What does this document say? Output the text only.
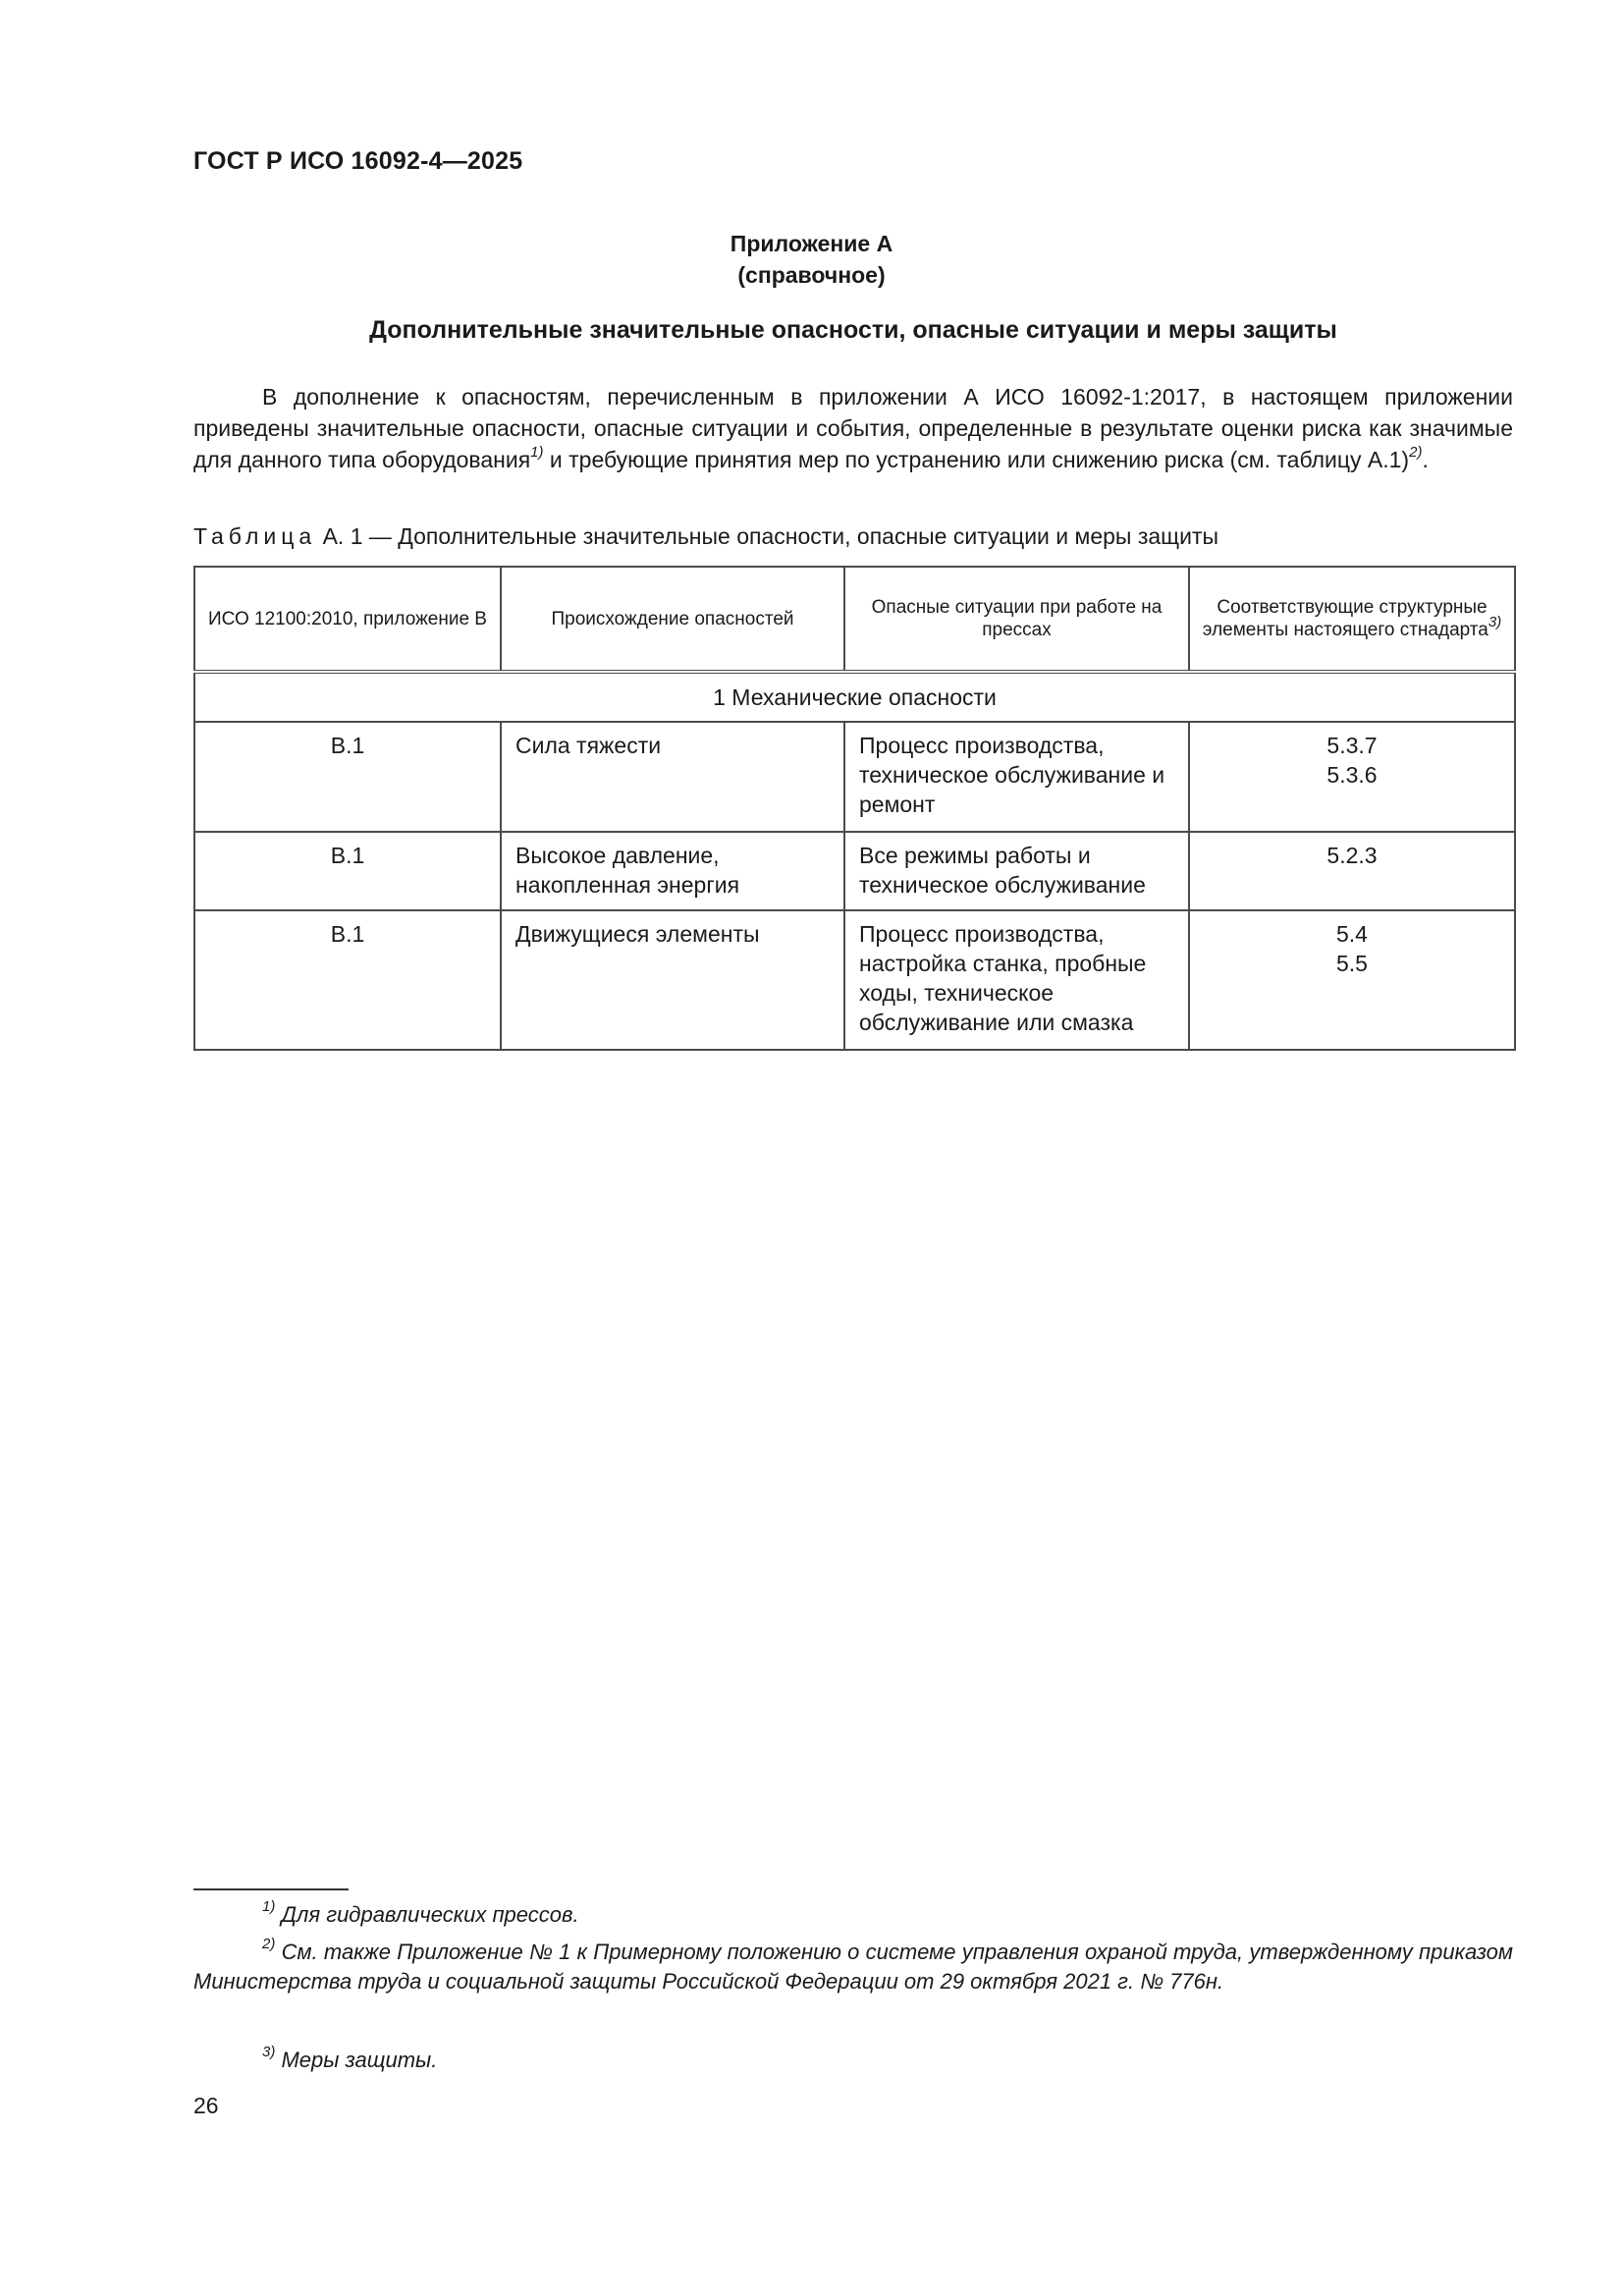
ГОСТ Р ИСО 16092-4—2025
Приложение А
(справочное)
Дополнительные значительные опасности, опасные ситуации и меры защиты

В дополнение к опасностям, перечисленным в приложении А ИСО 16092-1:2017, в настоящем приложении приведены значительные опасности, опасные ситуации и события, определенные в результате оценки риска как значимые для данного типа оборудования$^{1)}$ и требующие принятия мер по устранению или снижению риска (см. таблицу А.1)$^{2)}$.

Таблица А. 1 — Дополнительные значительные опасности, опасные ситуации и меры защиты
ИСО 12100:2010, приложение В	Происхождение опасностей	Опасные ситуации при работе на прессах	Соответствующие структурные элементы настоящего стнадарта$^{3)}$
1 Механические опасности			
В.1	Сила тяжести	Процесс производства, техническое обслуживание и ремонт	5.3.7
5.3.6

В.1	Высокое давление, накопленная энергия	Все режимы работы и техническое обслуживание	5.2.3

В.1	Движущиеся элементы	Процесс производства, настройка станка, пробные ходы, техническое обслуживание или смазка	5.4
5.5

$^{1)}$ Для гидравлических прессов.

$^{2)}$ См. также Приложение № 1 к Примерному положению о системе управления охраной труда, утвержденному приказом Министерства труда и социальной защиты Российской Федерации от 29 октября 2021 г. № 776н.

$^{3)}$ Меры защиты.

26
